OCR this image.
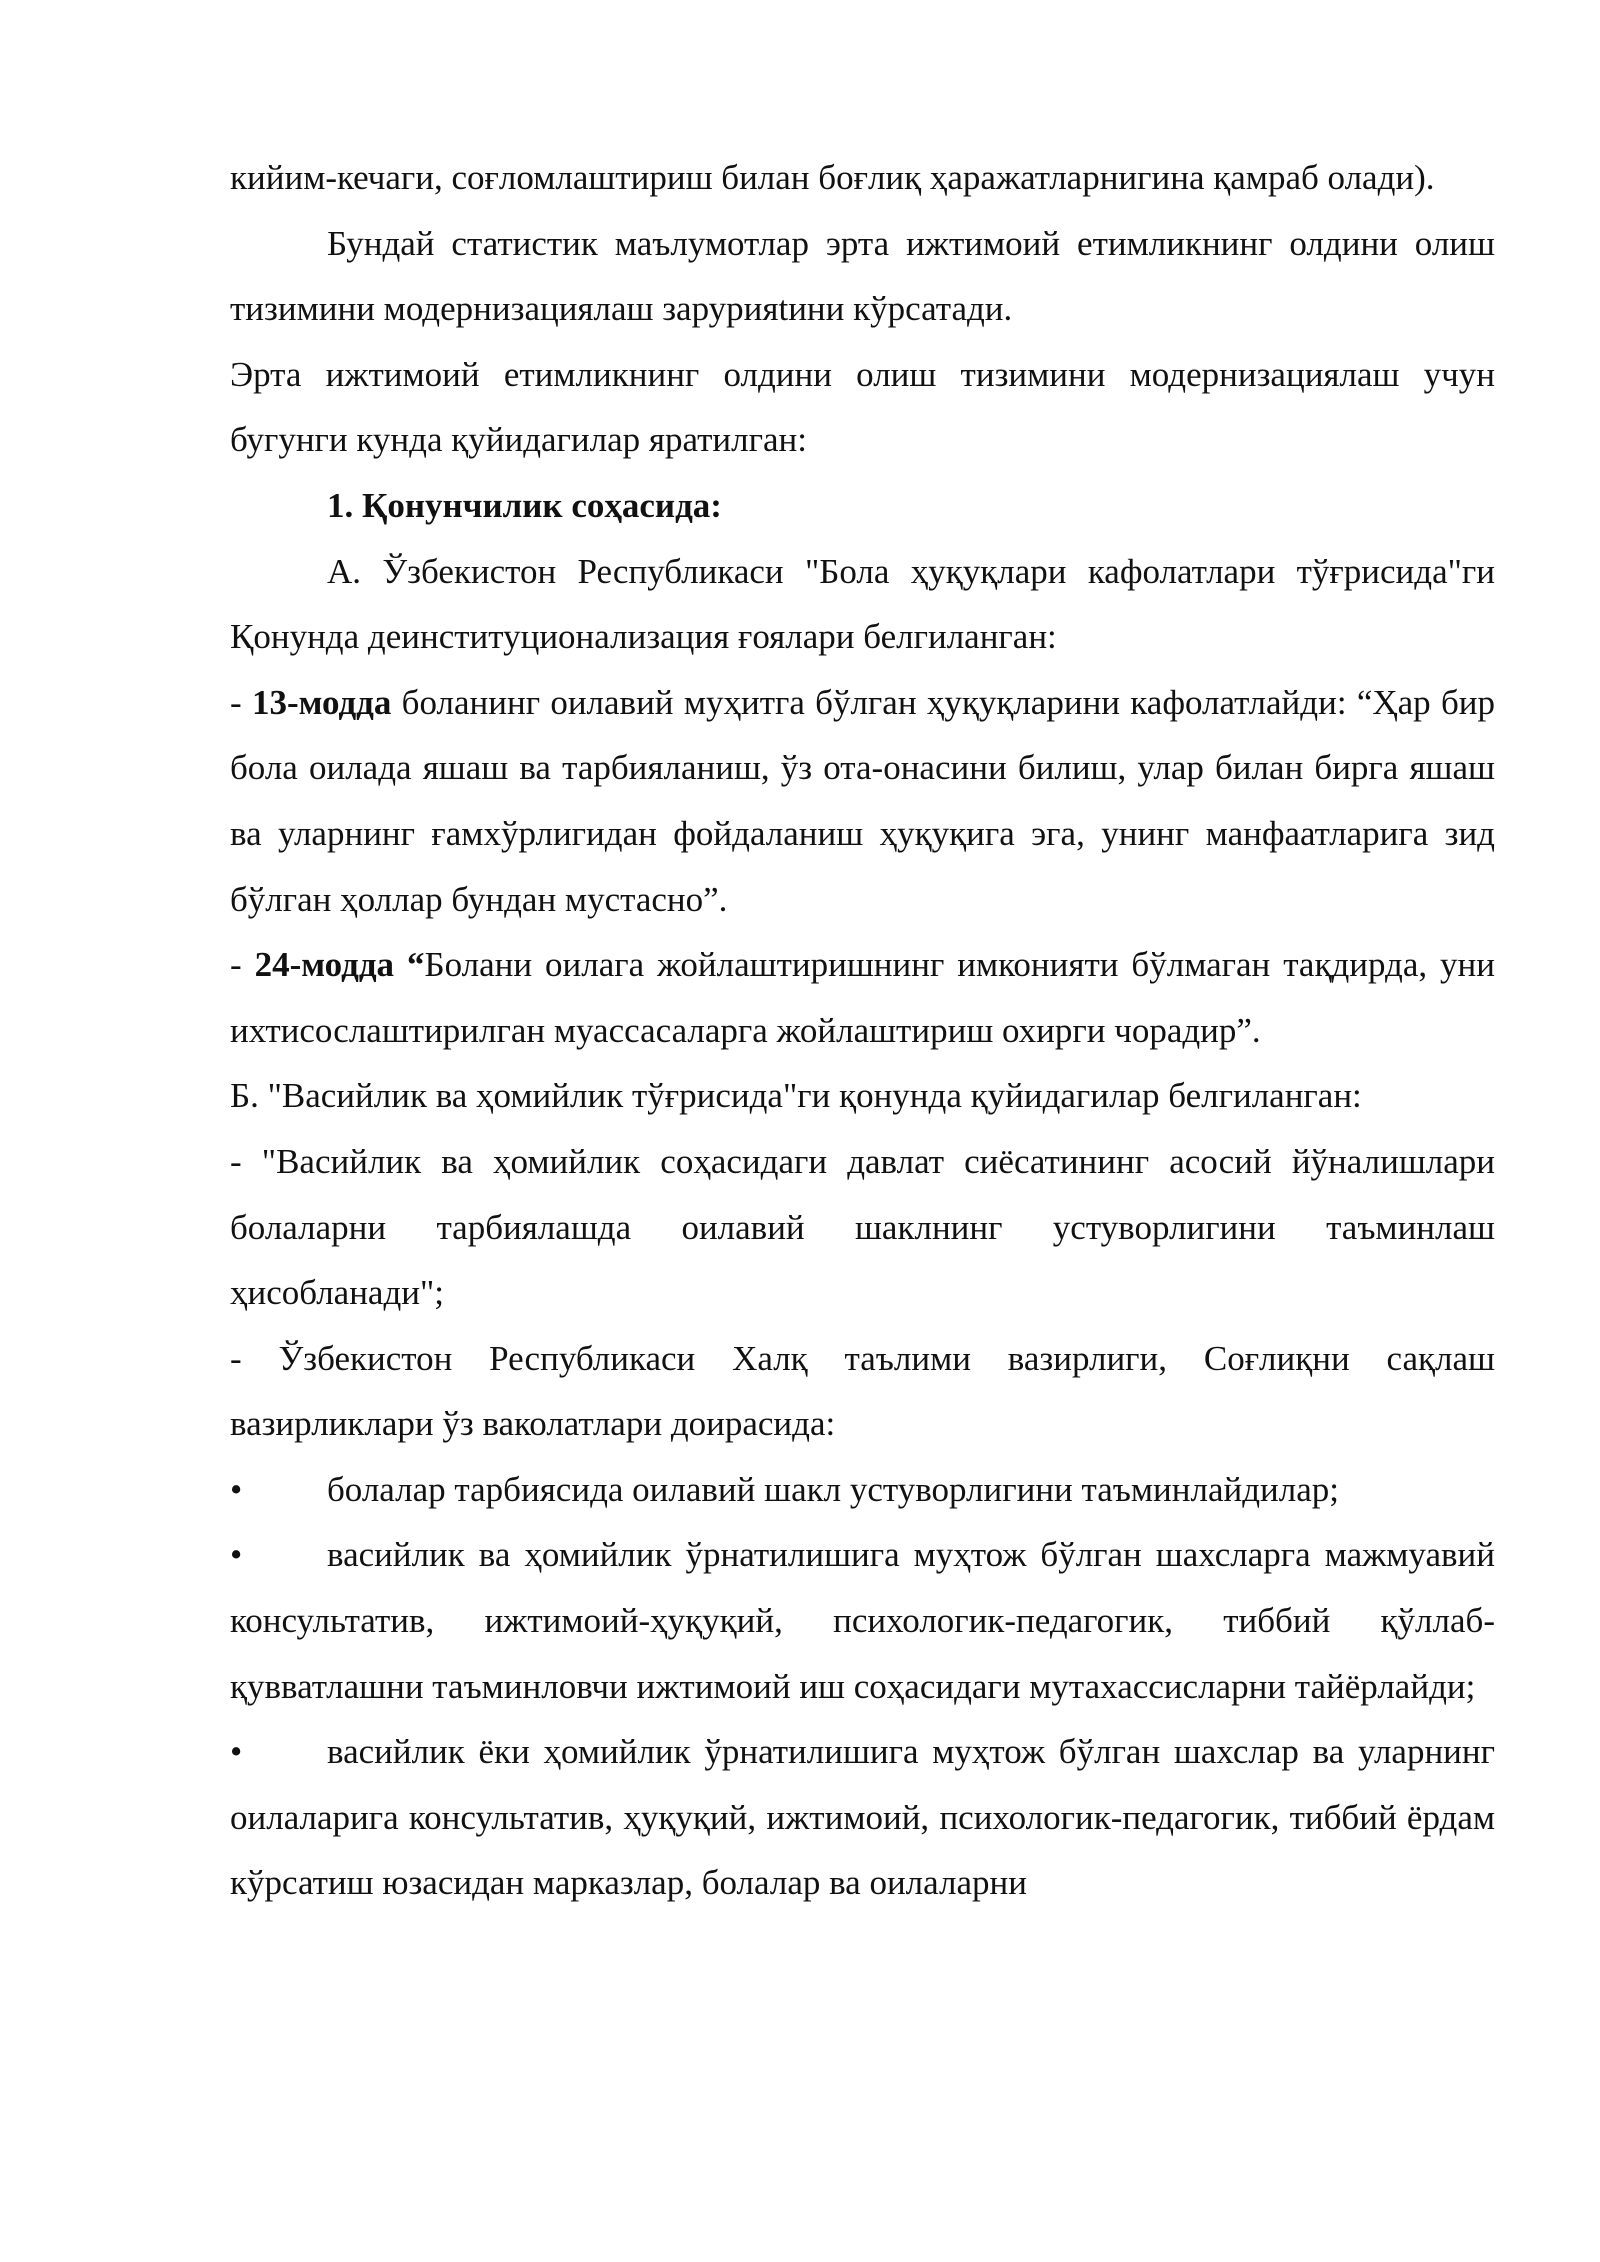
кийим-кечаги, соғломлаштириш билан боғлиқ ҳаражатларнигина қамраб олади).

Бундай статистик маълумотлар эрта ижтимоий етимликнинг олдини олиш тизимини модернизациялаш зарурияtини кўрсатади.

Эрта ижтимоий етимликнинг олдини олиш тизимини модернизациялаш учун бугунги кунда қуйидагилар яратилган:

1. Қонунчилик соҳасида:

А. Ўзбекистон Республикаси "Бола ҳуқуқлари кафолатлари тўғрисида"ги Қонунда деинституционализация ғоялари белгиланган:

- 13-модда боланинг оилавий муҳитга бўлган ҳуқуқларини кафолатлайди: “Ҳар бир бола оилада яшаш ва тарбияланиш, ўз ота-онасини билиш, улар билан бирга яшаш ва уларнинг ғамхўрлигидан фойдаланиш ҳуқуқига эга, унинг манфаатларига зид бўлган ҳоллар бундан мустасно”.

- 24-модда “Болани оилага жойлаштиришнинг имконияти бўлмаган тақдирда, уни ихтисослаштирилган муассасаларга жойлаштириш охирги чорадир”.

Б. "Васийлик ва ҳомийлик тўғрисида"ги қонунда қуйидагилар белгиланган:

- "Васийлик ва ҳомийлик соҳасидаги давлат сиёсатининг асосий йўналишлари болаларни тарбиялашда оилавий шаклнинг устуворлигини таъминлаш ҳисобланади";

- Ўзбекистон Республикаси Халқ таълими вазирлиги, Соғлиқни сақлаш вазирликлари ўз ваколатлари доирасида:

• болалар тарбиясида оилавий шакл устуворлигини таъминлайдилар;

• васийлик ва ҳомийлик ўрнатилишига муҳтож бўлган шахсларга мажмуавий консультатив, ижтимоий-ҳуқуқий, психологик-педагогик, тиббий қўллаб-қувватлашни таъминловчи ижтимоий иш соҳасидаги мутахассисларни тайёрлайди;

• васийлик ёки ҳомийлик ўрнатилишига муҳтож бўлган шахслар ва уларнинг оилаларига консультатив, ҳуқуқий, ижтимоий, психологик-педагогик, тиббий ёрдам кўрсатиш юзасидан марказлар, болалар ва оилаларни
